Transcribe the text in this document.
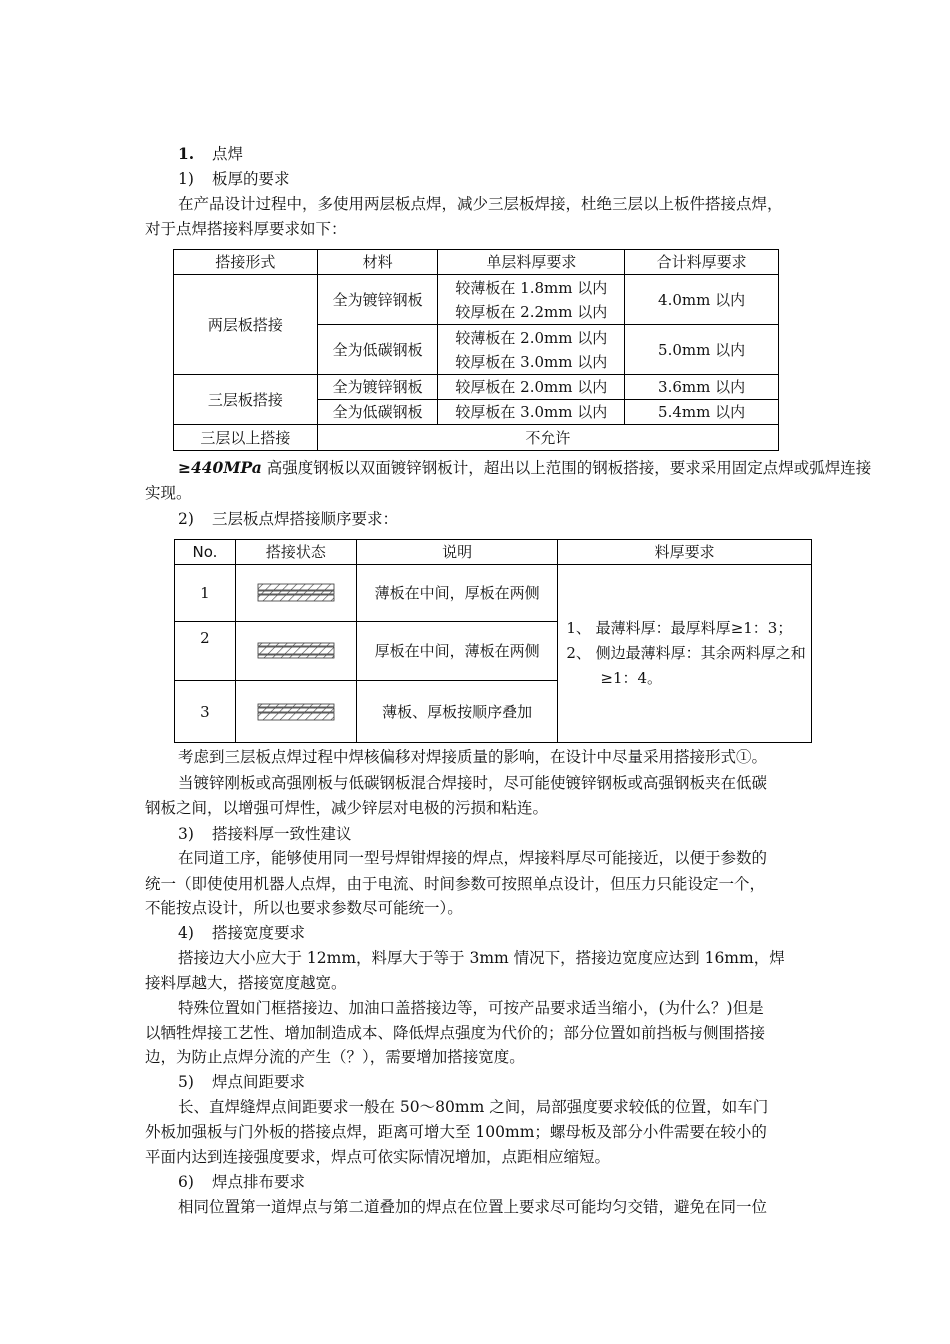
1. 点焊
1) 板厚的要求
在产品设计过程中，多使用两层板点焊，减少三层板焊接，杜绝三层以上板件搭接点焊，
对于点焊搭接料厚要求如下：
搭接形式	材料	单层料厚要求	合计料厚要求
两层板搭接	全为镀锌钢板	较薄板在 1.8mm 以内
较厚板在 2.2mm 以内	4.0mm 以内
	全为低碳钢板	较薄板在 2.0mm 以内
较厚板在 3.0mm 以内	5.0mm 以内
三层板搭接	全为镀锌钢板	较厚板在 2.0mm 以内	3.6mm 以内
	全为低碳钢板	较厚板在 3.0mm 以内	5.4mm 以内
三层以上搭接	不允许		
≥440MPa 高强度钢板以双面镀锌钢板计，超出以上范围的钢板搭接，要求采用固定点焊或弧焊连接
实现。
2) 三层板点焊搭接顺序要求：
No.	搭接状态	说明	料厚要求
1		薄板在中间，厚板在两侧	1、 最薄料厚：最厚料厚≥1：3；
2、 侧边最薄料厚：其余两料厚之和≥1：4。

2		厚板在中间，薄板在两侧	
3		薄板、厚板按顺序叠加	
考虑到三层板点焊过程中焊核偏移对焊接质量的影响，在设计中尽量采用搭接形式①。
当镀锌刚板或高强刚板与低碳钢板混合焊接时，尽可能使镀锌钢板或高强钢板夹在低碳
钢板之间，以增强可焊性，减少锌层对电极的污损和粘连。
3) 搭接料厚一致性建议
在同道工序，能够使用同一型号焊钳焊接的焊点，焊接料厚尽可能接近，以便于参数的
统一（即使使用机器人点焊，由于电流、时间参数可按照单点设计，但压力只能设定一个，
不能按点设计，所以也要求参数尽可能统一）。
4) 搭接宽度要求
搭接边大小应大于 12mm，料厚大于等于 3mm 情况下，搭接边宽度应达到 16mm，焊
接料厚越大，搭接宽度越宽。
特殊位置如门框搭接边、加油口盖搭接边等，可按产品要求适当缩小，(为什么？)但是
以牺牲焊接工艺性、增加制造成本、降低焊点强度为代价的；部分位置如前挡板与侧围搭接
边，为防止点焊分流的产生（？），需要增加搭接宽度。
5) 焊点间距要求
长、直焊缝焊点间距要求一般在 50～80mm 之间，局部强度要求较低的位置，如车门
外板加强板与门外板的搭接点焊，距离可增大至 100mm；螺母板及部分小件需要在较小的
平面内达到连接强度要求，焊点可依实际情况增加，点距相应缩短。
6) 焊点排布要求
相同位置第一道焊点与第二道叠加的焊点在位置上要求尽可能均匀交错，避免在同一位
